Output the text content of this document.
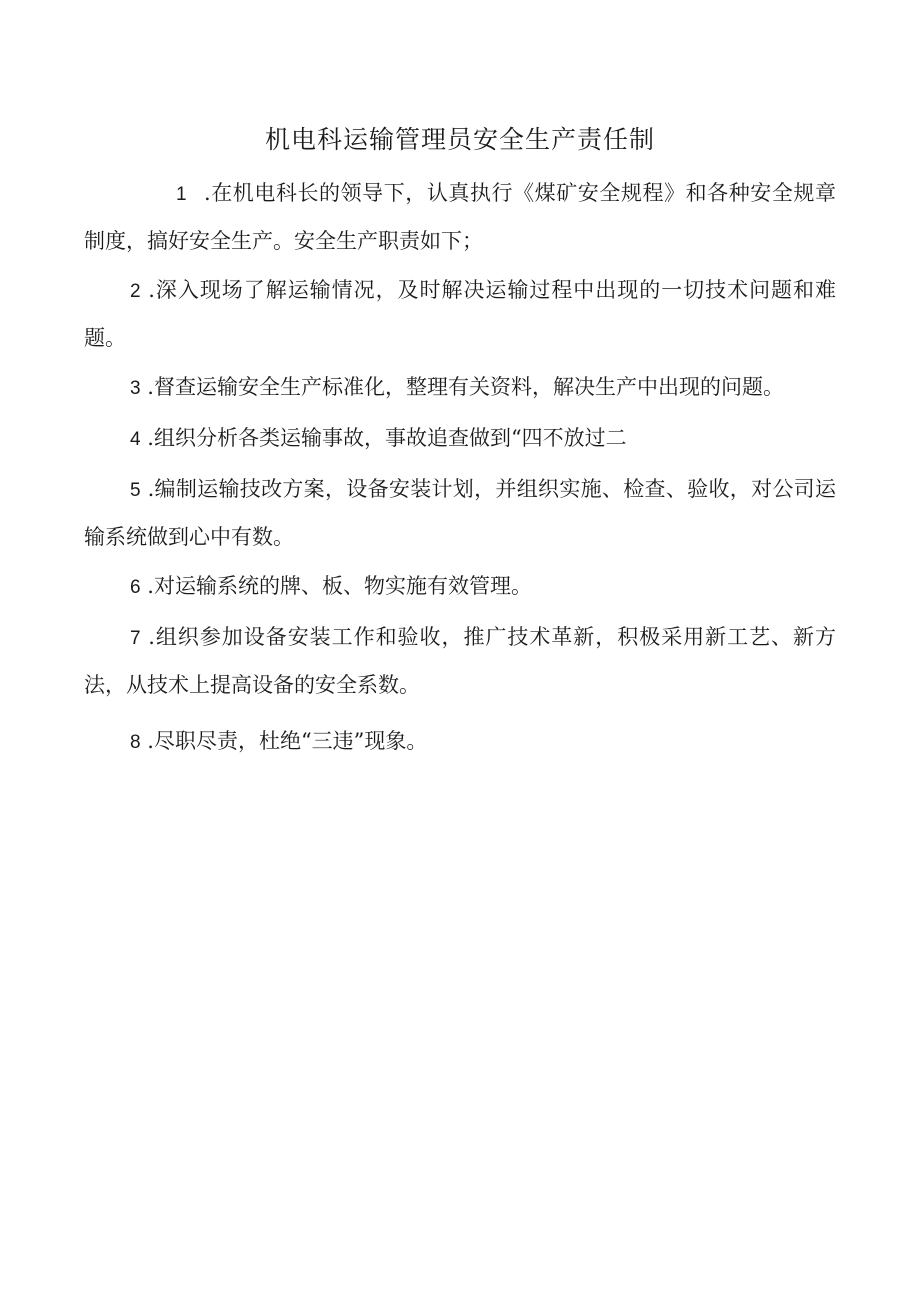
机电科运输管理员安全生产责任制

1 .在机电科长的领导下，认真执行《煤矿安全规程》和各种安全规章制度，搞好安全生产。安全生产职责如下；

2 .深入现场了解运输情况，及时解决运输过程中出现的一切技术问题和难题。

3 .督查运输安全生产标准化，整理有关资料，解决生产中出现的问题。

4 .组织分析各类运输事故，事故追查做到“四不放过二

5 .编制运输技改方案，设备安装计划，并组织实施、检查、验收，对公司运输系统做到心中有数。

6 .对运输系统的牌、板、物实施有效管理。

7 .组织参加设备安装工作和验收，推广技术革新，积极采用新工艺、新方法，从技术上提高设备的安全系数。

8 .尽职尽责，杜绝“三违”现象。
